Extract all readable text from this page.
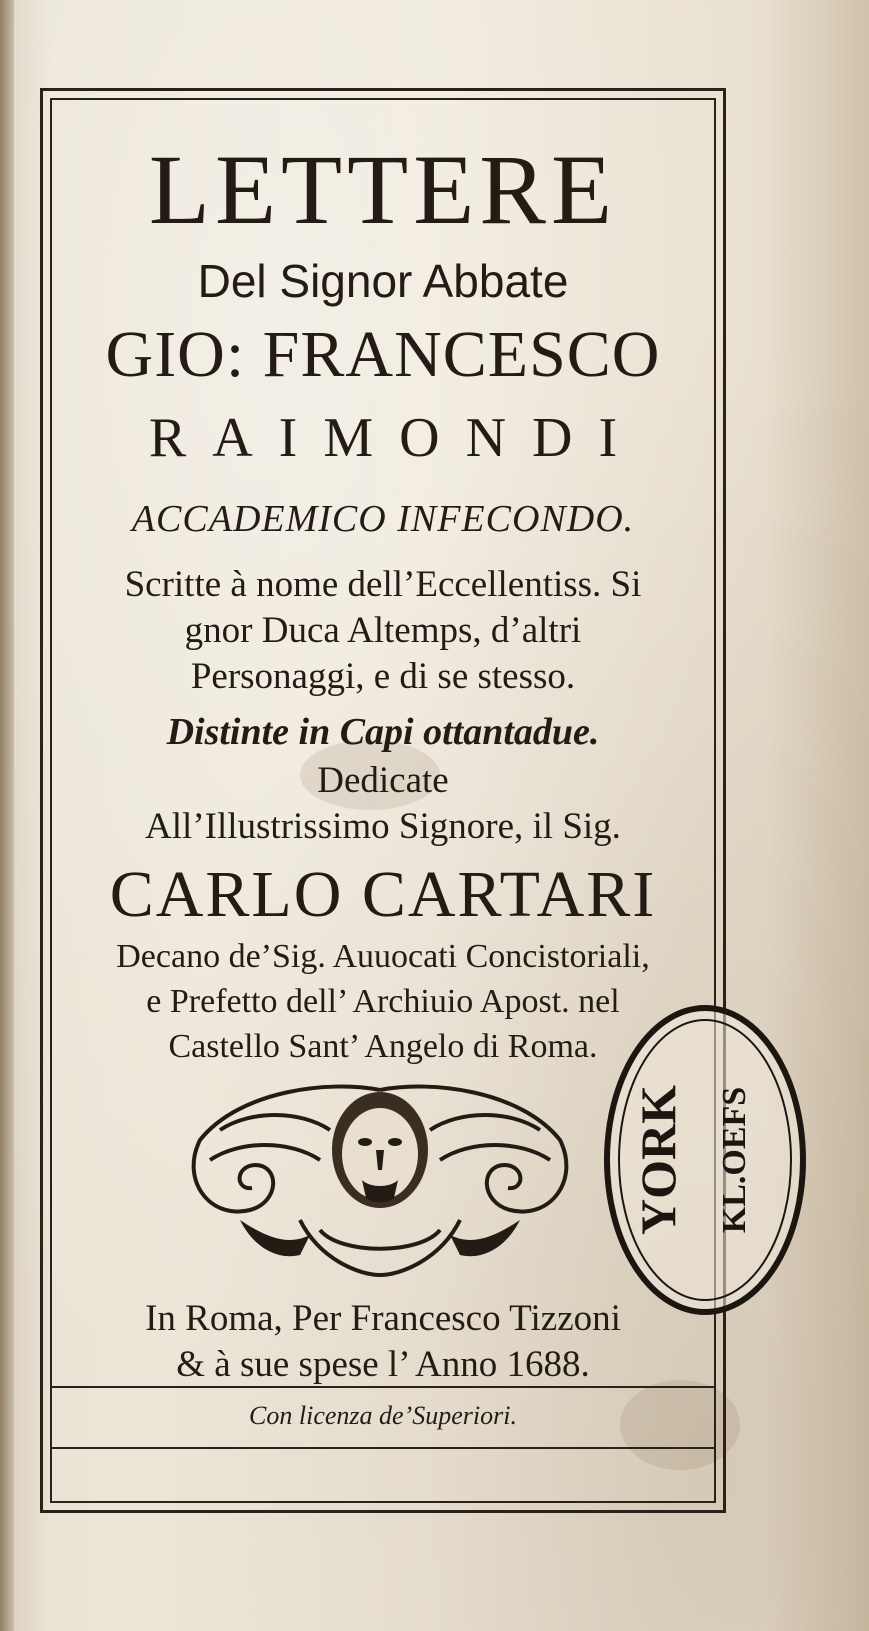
LETTERE
Del Signor Abbate
GIO: FRANCESCO
RAIMONDI
ACCADEMICO INFECONDO.
Scritte à nome dell’Eccellentiss. Si
gnor Duca Altemps, d’altri
Personaggi, e di se stesso.
Distinte in Capi ottantadue.
Dedicate
All’Illustrissimo Signore, il Sig.
CARLO CARTARI
Decano de’Sig. Auuocati Concistoriali,
e Prefetto dell’ Archiuio Apost. nel
Castello Sant’ Angelo di Roma.
In Roma, Per Francesco Tizzoni
& à sue spese l’ Anno 1688.
Con licenza de’Superiori.
YORK KL.OEFS
